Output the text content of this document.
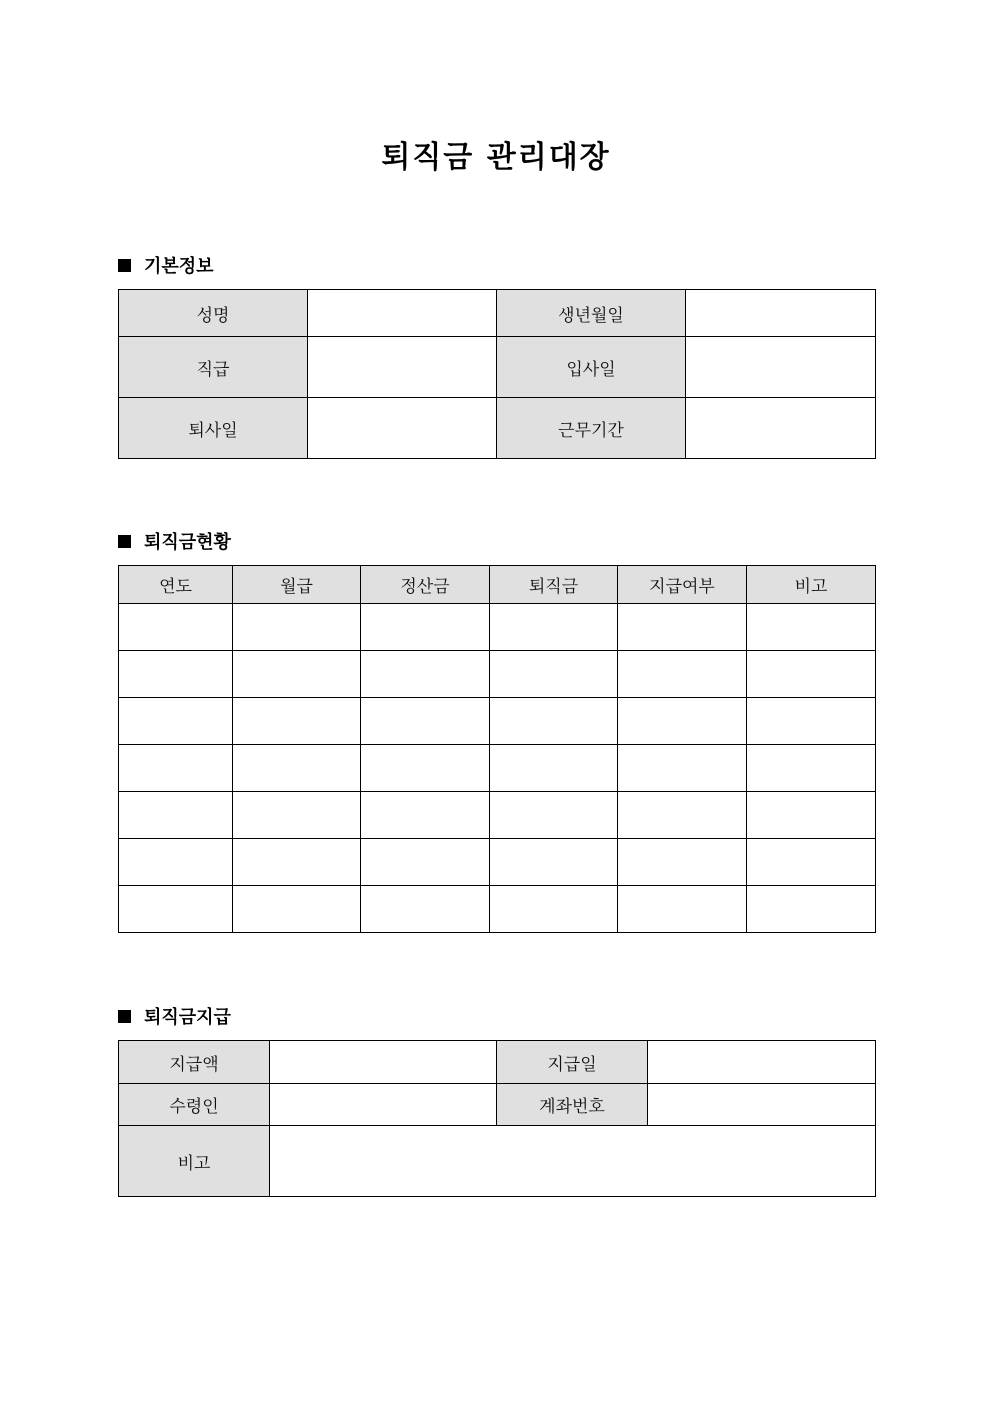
퇴직금 관리대장
기본정보
성명		생년월일	
직급		입사일	
퇴사일		근무기간	
퇴직금현황
연도	월급	정산금	퇴직금	지급여부	비고

퇴직금지급
지급액		지급일	
수령인		계좌번호	
비고			
